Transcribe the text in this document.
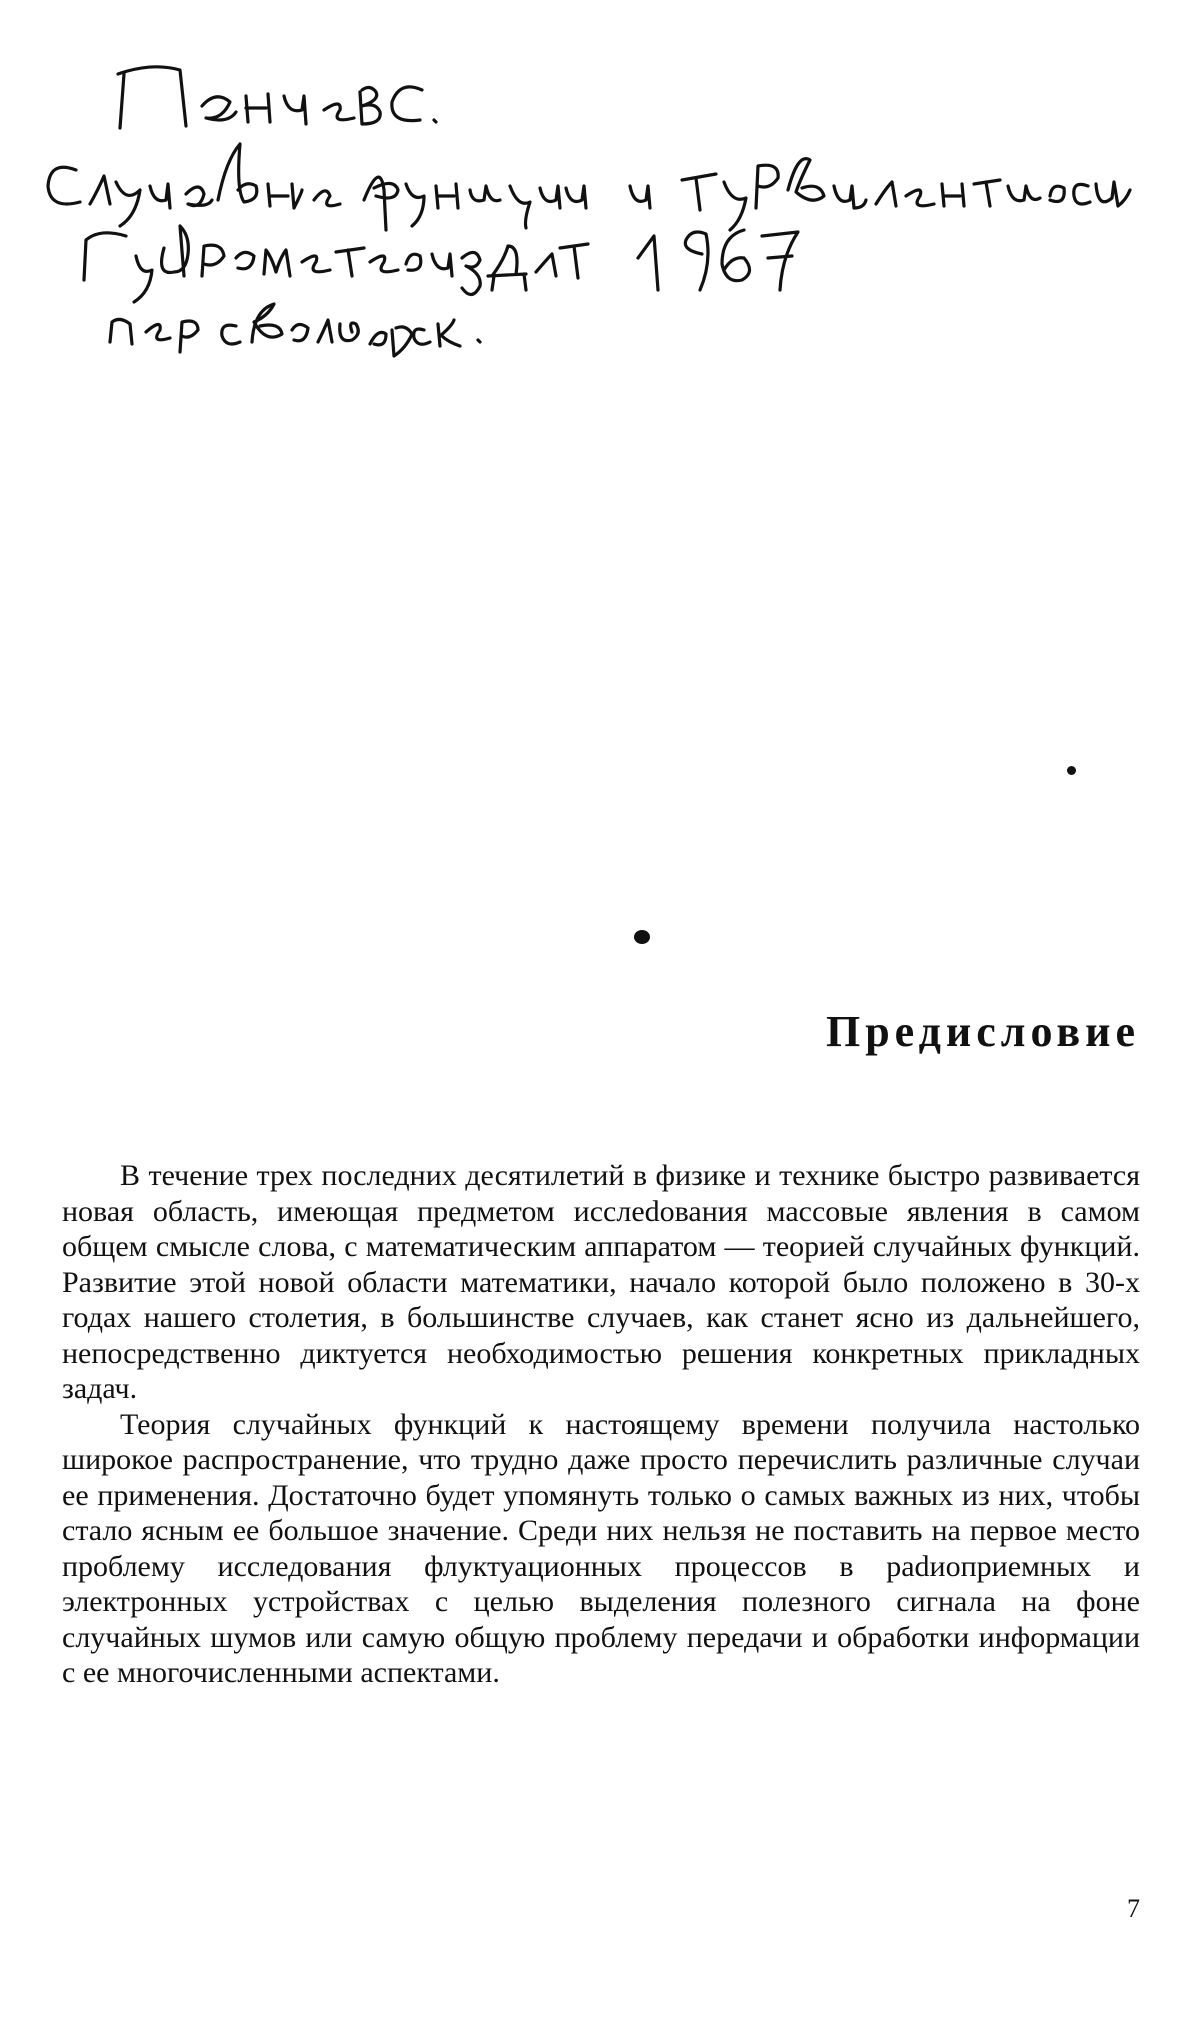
Предисловие

В течение трех последних десятилетий в физике и технике быстро развивается новая область, имеющая предметом исслеdования массовые явления в самом общем смысле слова, с математическим аппаратом — теорией случайных функций. Развитие этой новой области математики, начало которой было положено в 30-х годах нашего столетия, в большинстве случаев, как станет ясно из дальнейшего, непосредственно диктуется необходимостью решения конкретных прикладных задач.

Теория случайных функций к настоящему времени получила настолько широкое распространение, что трудно даже просто перечислить различные случаи ее применения. Достаточно будет упомянуть только о самых важных из них, чтобы стало ясным ее большое значение. Среди них нельзя не поставить на первое место проблему исследования флуктуационных процессов в раdиоприемных и электронных устройствах с целью выделения полезного сигнала на фоне случайных шумов или самую общую проблему передачи и обработки информации с ее многочисленными аспектами.

7
